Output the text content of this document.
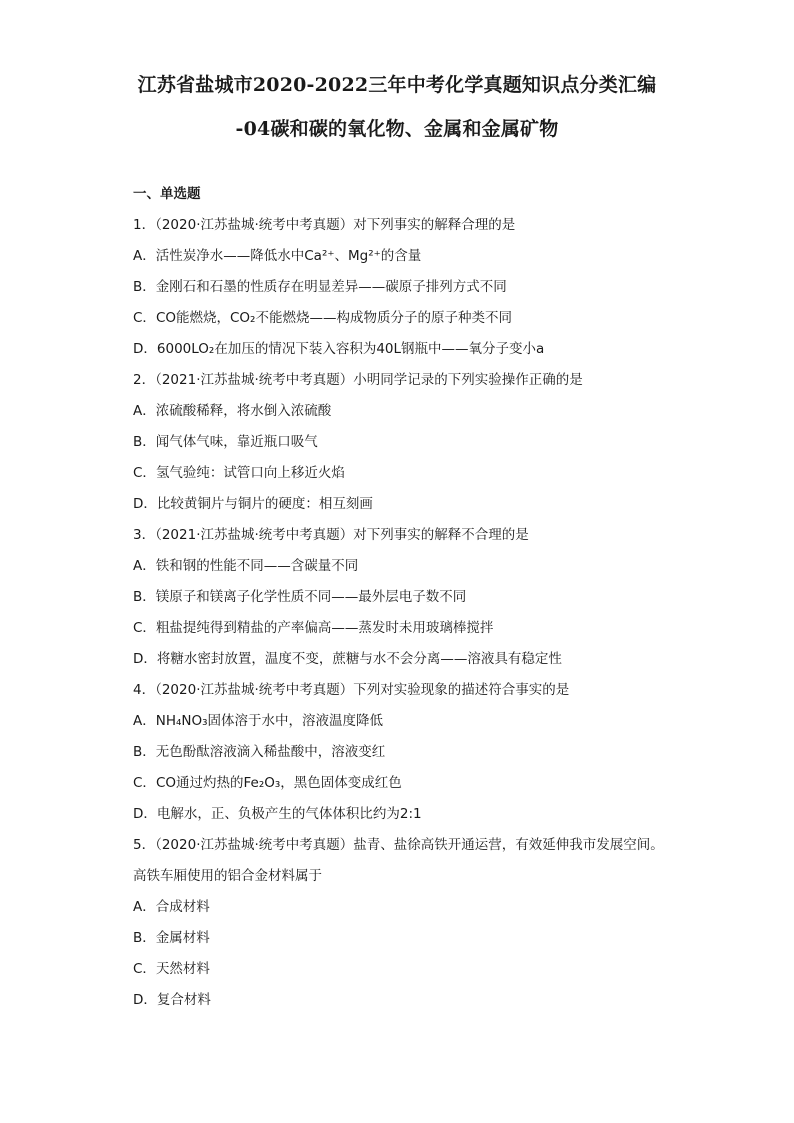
江苏省盐城市2020-2022三年中考化学真题知识点分类汇编
-04碳和碳的氧化物、金属和金属矿物
一、单选题
1．（2020·江苏盐城·统考中考真题）对下列事实的解释合理的是
A．活性炭净水——降低水中Ca²⁺、Mg²⁺的含量
B．金刚石和石墨的性质存在明显差异——碳原子排列方式不同
C．CO能燃烧，CO₂不能燃烧——构成物质分子的原子种类不同
D．6000LO₂在加压的情况下装入容积为40L钢瓶中——氧分子变小a
2．（2021·江苏盐城·统考中考真题）小明同学记录的下列实验操作正确的是
A．浓硫酸稀释，将水倒入浓硫酸
B．闻气体气味，靠近瓶口吸气
C．氢气验纯：试管口向上移近火焰
D．比较黄铜片与铜片的硬度：相互刻画
3．（2021·江苏盐城·统考中考真题）对下列事实的解释不合理的是
A．铁和钢的性能不同——含碳量不同
B．镁原子和镁离子化学性质不同——最外层电子数不同
C．粗盐提纯得到精盐的产率偏高——蒸发时未用玻璃棒搅拌
D．将糖水密封放置，温度不变，蔗糖与水不会分离——溶液具有稳定性
4．（2020·江苏盐城·统考中考真题）下列对实验现象的描述符合事实的是
A．NH₄NO₃固体溶于水中，溶液温度降低
B．无色酚酞溶液滴入稀盐酸中，溶液变红
C．CO通过灼热的Fe₂O₃，黑色固体变成红色
D．电解水，正、负极产生的气体体积比约为2:1
5．（2020·江苏盐城·统考中考真题）盐青、盐徐高铁开通运营，有效延伸我市发展空间。
高铁车厢使用的铝合金材料属于
A．合成材料
B．金属材料
C．天然材料
D．复合材料
